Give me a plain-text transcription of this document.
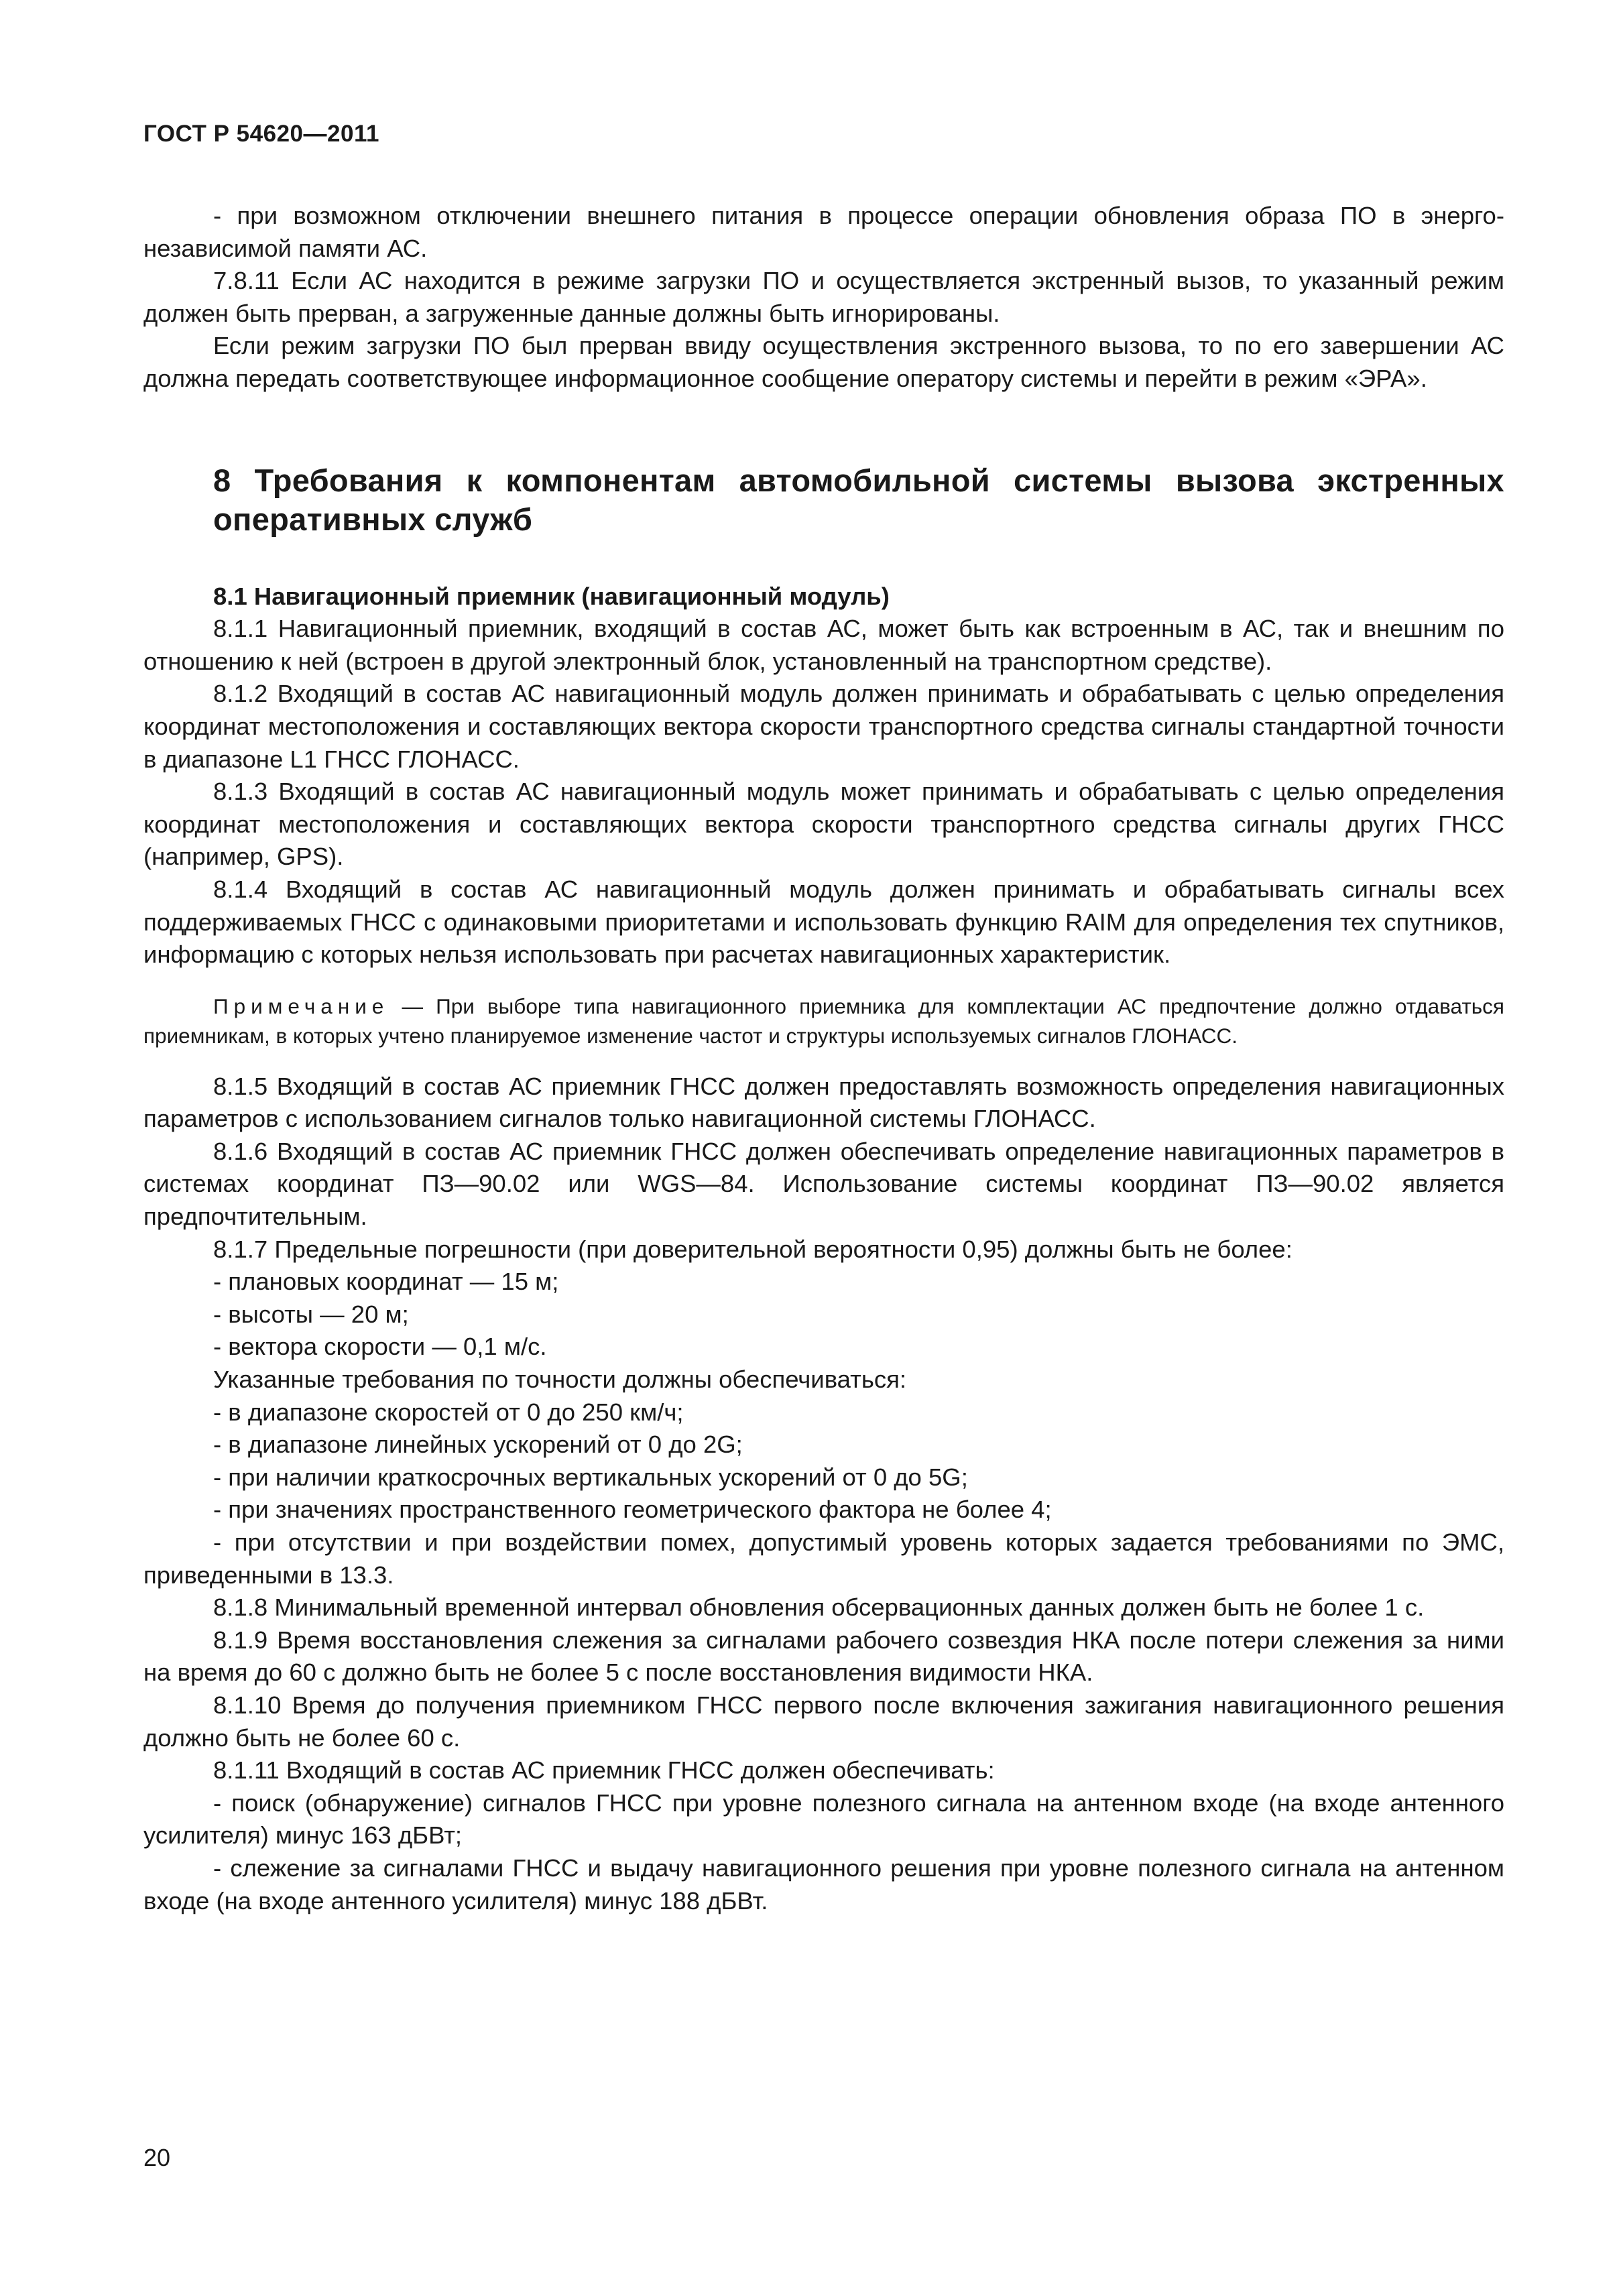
ГОСТ Р 54620—2011

- при возможном отключении внешнего питания в процессе операции обновления образа ПО в энергонезависимой памяти АС.

7.8.11 Если АС находится в режиме загрузки ПО и осуществляется экстренный вызов, то указанный режим должен быть прерван, а загруженные данные должны быть игнорированы.

Если режим загрузки ПО был прерван ввиду осуществления экстренного вызова, то по его завершении АС должна передать соответствующее информационное сообщение оператору системы и перейти в режим «ЭРА».

8 Требования к компонентам автомобильной системы вызова экстренных оперативных служб
8.1 Навигационный приемник (навигационный модуль)

8.1.1 Навигационный приемник, входящий в состав АС, может быть как встроенным в АС, так и внешним по отношению к ней (встроен в другой электронный блок, установленный на транспортном средстве).

8.1.2 Входящий в состав АС навигационный модуль должен принимать и обрабатывать с целью определения координат местоположения и составляющих вектора скорости транспортного средства сигналы стандартной точности в диапазоне L1 ГНСС ГЛОНАСС.

8.1.3 Входящий в состав АС навигационный модуль может принимать и обрабатывать с целью определения координат местоположения и составляющих вектора скорости транспортного средства сигналы других ГНСС (например, GPS).

8.1.4 Входящий в состав АС навигационный модуль должен принимать и обрабатывать сигналы всех поддерживаемых ГНСС с одинаковыми приоритетами и использовать функцию RAIM для определения тех спутников, информацию с которых нельзя использовать при расчетах навигационных характеристик.

Примечание — При выборе типа навигационного приемника для комплектации АС предпочтение должно отдаваться приемникам, в которых учтено планируемое изменение частот и структуры используемых сигналов ГЛОНАСС.

8.1.5 Входящий в состав АС приемник ГНСС должен предоставлять возможность определения навигационных параметров с использованием сигналов только навигационной системы ГЛОНАСС.

8.1.6 Входящий в состав АС приемник ГНСС должен обеспечивать определение навигационных параметров в системах координат ПЗ—90.02 или WGS—84. Использование системы координат ПЗ—90.02 является предпочтительным.

8.1.7 Предельные погрешности (при доверительной вероятности 0,95) должны быть не более:

- плановых координат — 15 м;

- высоты — 20 м;

- вектора скорости — 0,1 м/с.

Указанные требования по точности должны обеспечиваться:

- в диапазоне скоростей от 0 до 250 км/ч;

- в диапазоне линейных ускорений от 0 до 2G;

- при наличии краткосрочных вертикальных ускорений от 0 до 5G;

- при значениях пространственного геометрического фактора не более 4;

- при отсутствии и при воздействии помех, допустимый уровень которых задается требованиями по ЭМС, приведенными в 13.3.

8.1.8 Минимальный временной интервал обновления обсервационных данных должен быть не более 1 с.

8.1.9 Время восстановления слежения за сигналами рабочего созвездия НКА после потери слежения за ними на время до 60 с должно быть не более 5 с после восстановления видимости НКА.

8.1.10 Время до получения приемником ГНСС первого после включения зажигания навигационного решения должно быть не более 60 с.

8.1.11 Входящий в состав АС приемник ГНСС должен обеспечивать:

- поиск (обнаружение) сигналов ГНСС при уровне полезного сигнала на антенном входе (на входе антенного усилителя) минус 163 дБВт;

- слежение за сигналами ГНСС и выдачу навигационного решения при уровне полезного сигнала на антенном входе (на входе антенного усилителя) минус 188 дБВт.

20
